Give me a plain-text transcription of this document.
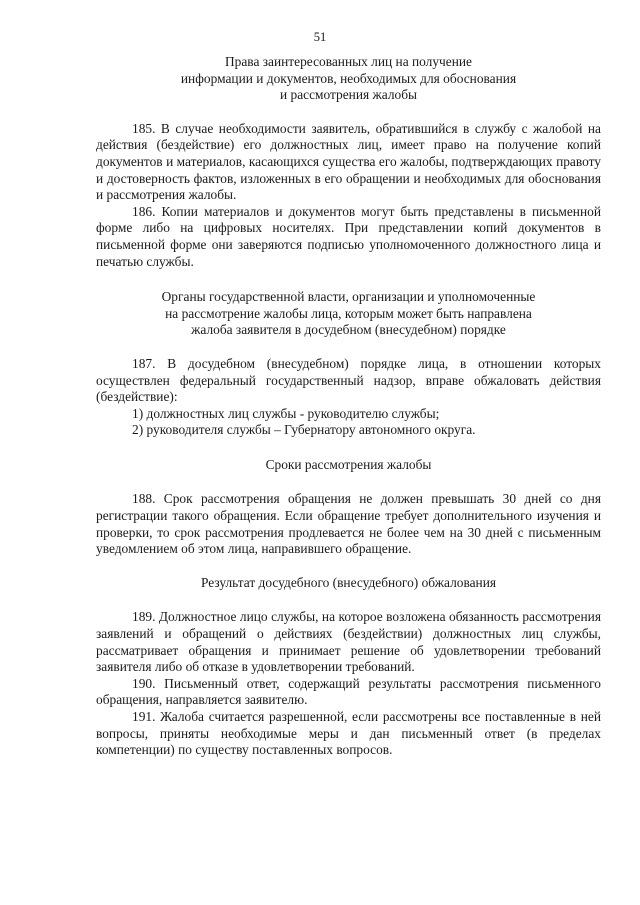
51
Права заинтересованных лиц на получение
информации и документов, необходимых для обоснования
и рассмотрения жалобы

185. В случае необходимости заявитель, обратившийся в службу с жалобой на действия (бездействие) его должностных лиц, имеет право на получение копий документов и материалов, касающихся существа его жалобы, подтверждающих правоту и достоверность фактов, изложенных в его обращении и необходимых для обоснования и рассмотрения жалобы.

186. Копии материалов и документов могут быть представлены в письменной форме либо на цифровых носителях. При представлении копий документов в письменной форме они заверяются подписью уполномоченного должностного лица и печатью службы.

Органы государственной власти, организации и уполномоченные
на рассмотрение жалобы лица, которым может быть направлена
жалоба заявителя в досудебном (внесудебном) порядке

187. В досудебном (внесудебном) порядке лица, в отношении которых осуществлен федеральный государственный надзор, вправе обжаловать действия (бездействие):

1) должностных лиц службы - руководителю службы;

2) руководителя службы – Губернатору автономного округа.

Сроки рассмотрения жалобы

188. Срок рассмотрения обращения не должен превышать 30 дней со дня регистрации такого обращения. Если обращение требует дополнительного изучения и проверки, то срок рассмотрения продлевается не более чем на 30 дней с письменным уведомлением об этом лица, направившего обращение.

Результат досудебного (внесудебного) обжалования

189. Должностное лицо службы, на которое возложена обязанность рассмотрения заявлений и обращений о действиях (бездействии) должностных лиц службы, рассматривает обращения и принимает решение об удовлетворении требований заявителя либо об отказе в удовлетворении требований.

190. Письменный ответ, содержащий результаты рассмотрения письменного обращения, направляется заявителю.

191. Жалоба считается разрешенной, если рассмотрены все поставленные в ней вопросы, приняты необходимые меры и дан письменный ответ (в пределах компетенции) по существу поставленных вопросов.
